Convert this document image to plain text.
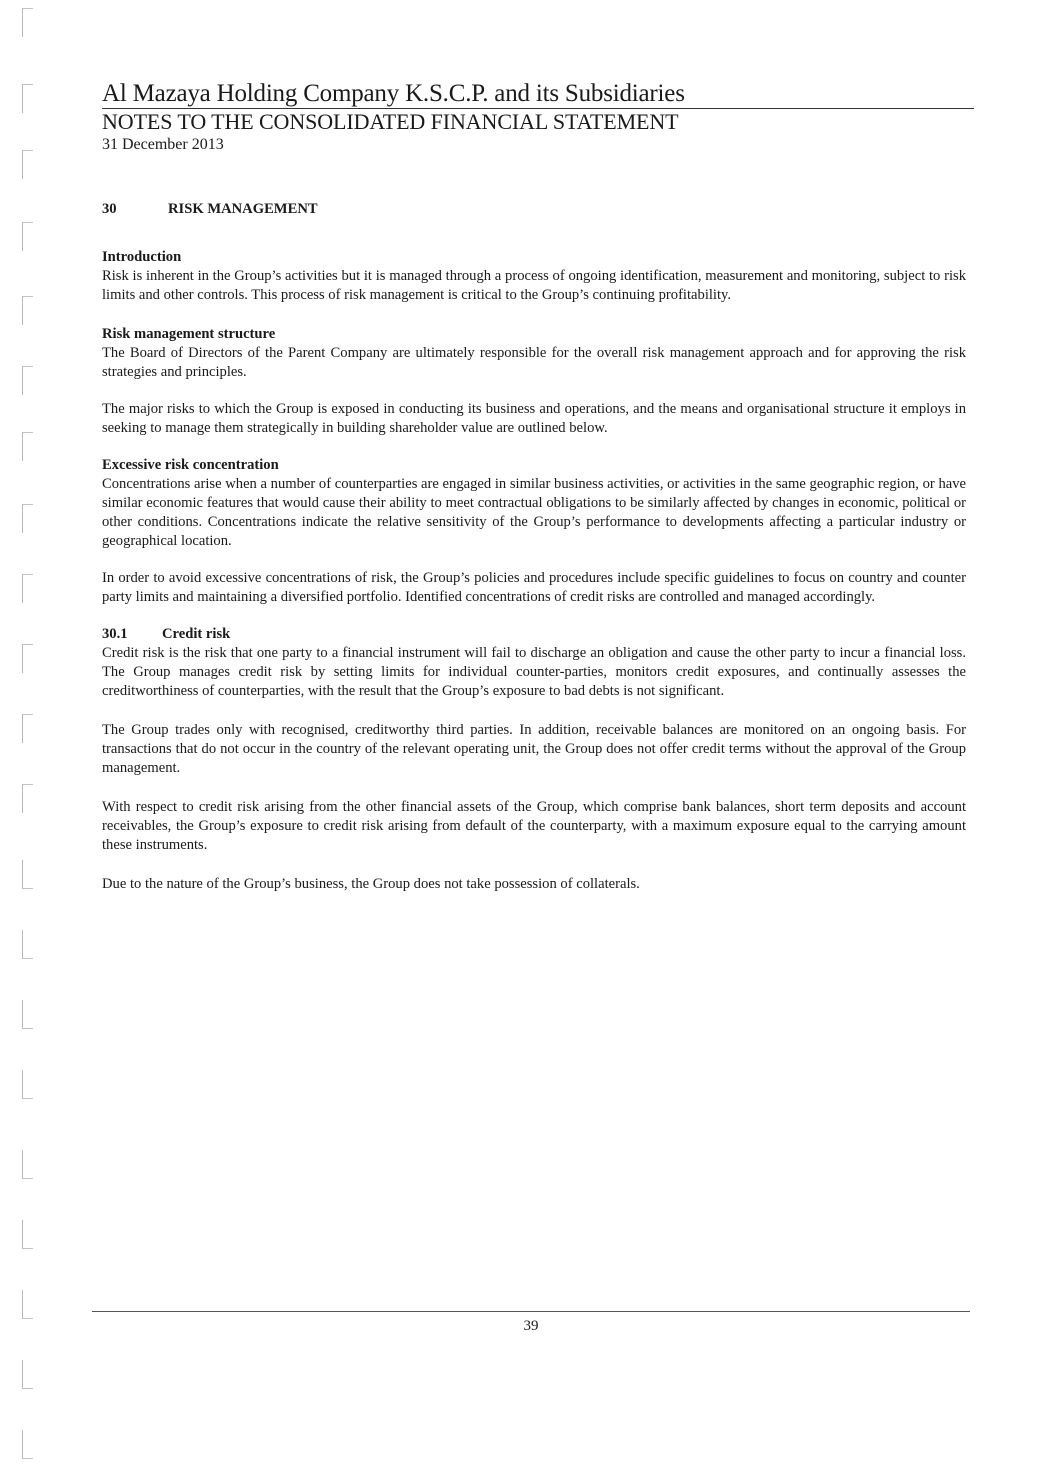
Al Mazaya Holding Company K.S.C.P. and its Subsidiaries
NOTES TO THE CONSOLIDATED FINANCIAL STATEMENT
31 December 2013
30	RISK MANAGEMENT
Introduction

Risk is inherent in the Group’s activities but it is managed through a process of ongoing identification, measurement and monitoring, subject to risk limits and other controls. This process of risk management is critical to the Group’s continuing profitability.

Risk management structure

The Board of Directors of the Parent Company are ultimately responsible for the overall risk management approach and for approving the risk strategies and principles.

The major risks to which the Group is exposed in conducting its business and operations, and the means and organisational structure it employs in seeking to manage them strategically in building shareholder value are outlined below.

Excessive risk concentration

Concentrations arise when a number of counterparties are engaged in similar business activities, or activities in the same geographic region, or have similar economic features that would cause their ability to meet contractual obligations to be similarly affected by changes in economic, political or other conditions. Concentrations indicate the relative sensitivity of the Group’s performance to developments affecting a particular industry or geographical location.

In order to avoid excessive concentrations of risk, the Group’s policies and procedures include specific guidelines to focus on country and counter party limits and maintaining a diversified portfolio. Identified concentrations of credit risks are controlled and managed accordingly.

30.1	Credit risk

Credit risk is the risk that one party to a financial instrument will fail to discharge an obligation and cause the other party to incur a financial loss. The Group manages credit risk by setting limits for individual counter-parties, monitors credit exposures, and continually assesses the creditworthiness of counterparties, with the result that the Group’s exposure to bad debts is not significant.

The Group trades only with recognised, creditworthy third parties. In addition, receivable balances are monitored on an ongoing basis. For transactions that do not occur in the country of the relevant operating unit, the Group does not offer credit terms without the approval of the Group management.

With respect to credit risk arising from the other financial assets of the Group, which comprise bank balances, short term deposits and account receivables, the Group’s exposure to credit risk arising from default of the counterparty, with a maximum exposure equal to the carrying amount these instruments.

Due to the nature of the Group’s business, the Group does not take possession of collaterals.

39
